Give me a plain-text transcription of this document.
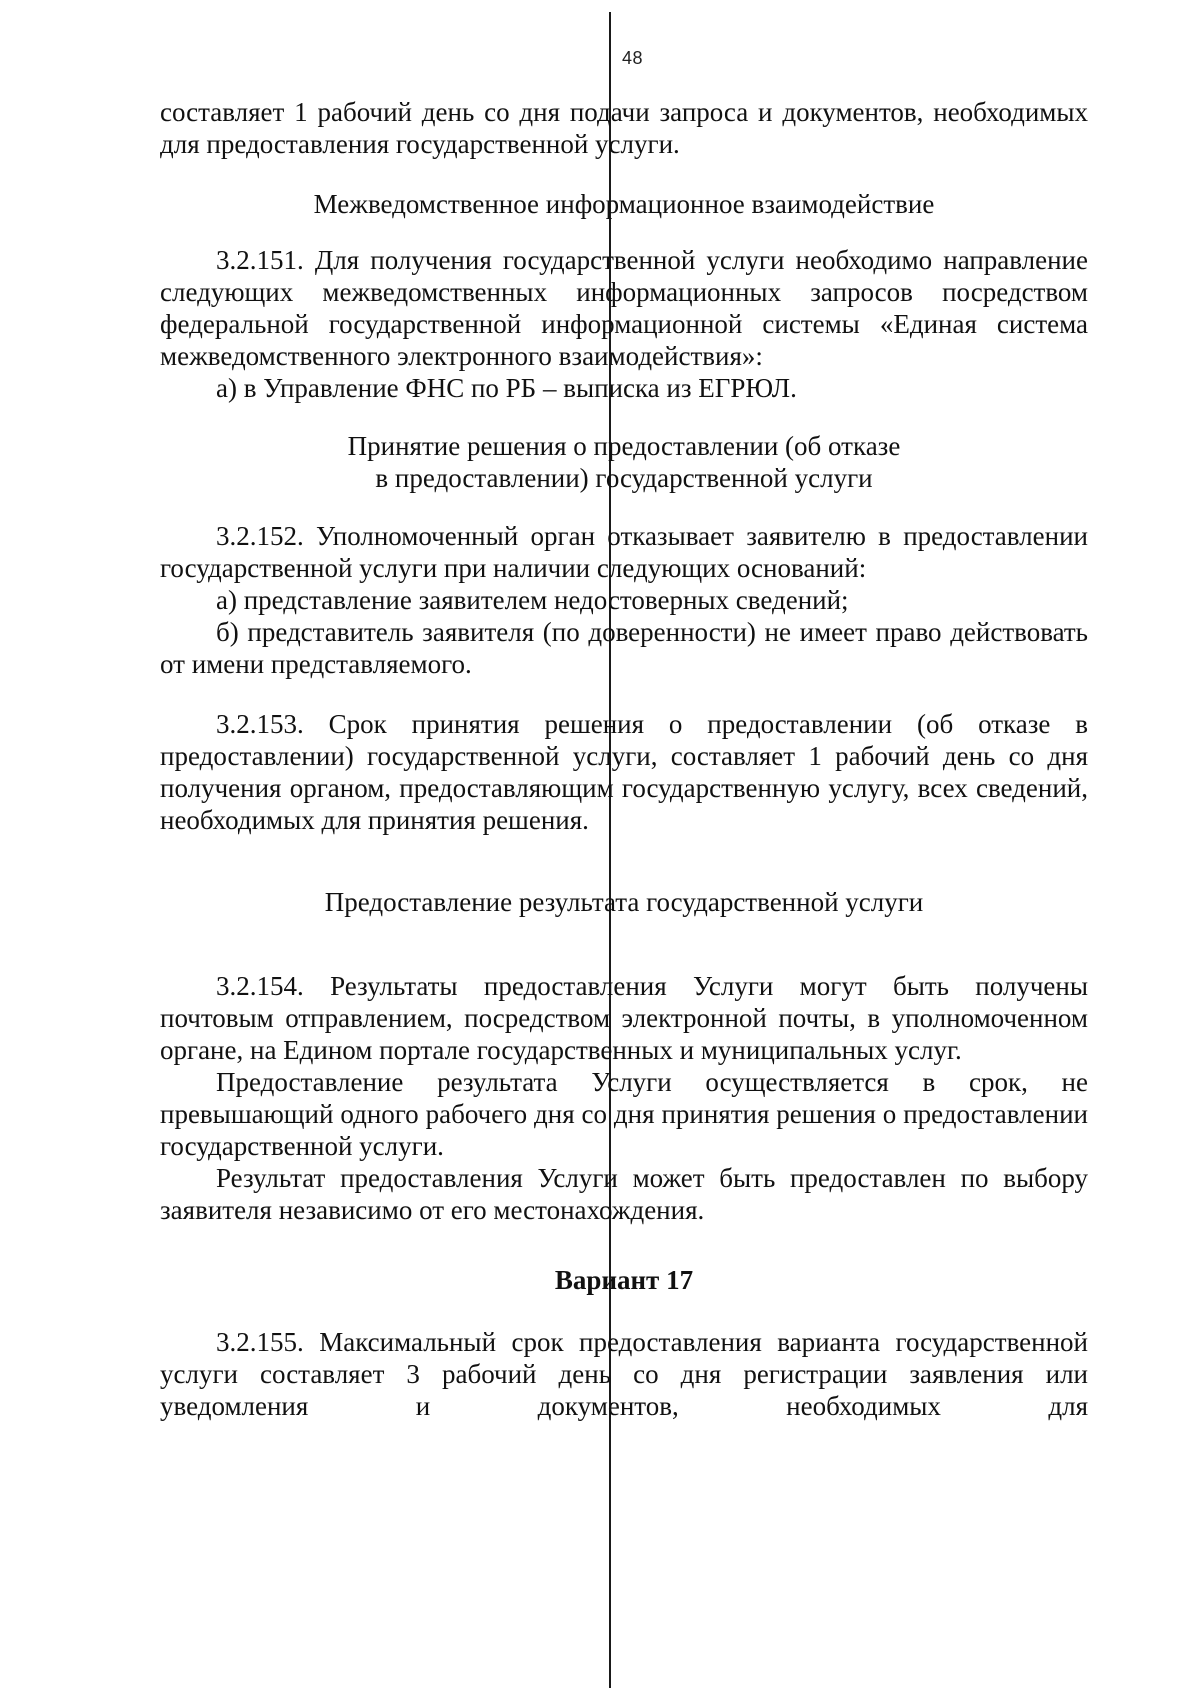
48

составляет 1 рабочий день со дня подачи запроса и документов, необходимых для предоставления государственной услуги.

Межведомственное информационное взаимодействие

3.2.151. Для получения государственной услуги необходимо направление следующих межведомственных информационных запросов посредством федеральной государственной информационной системы «Единая система межведомственного электронного взаимодействия»:

а) в Управление ФНС по РБ – выписка из ЕГРЮЛ.

Принятие решения о предоставлении (об отказе

в предоставлении) государственной услуги

3.2.152. Уполномоченный орган отказывает заявителю в предоставлении государственной услуги при наличии следующих оснований:

а) представление заявителем недостоверных сведений;

б) представитель заявителя (по доверенности) не имеет право действовать от имени представляемого.

3.2.153. Срок принятия решения о предоставлении (об отказе в предоставлении) государственной услуги, составляет 1 рабочий день со дня получения органом, предоставляющим государственную услугу, всех сведений, необходимых для принятия решения.

Предоставление результата государственной услуги

3.2.154. Результаты предоставления Услуги могут быть получены почтовым отправлением, посредством электронной почты, в уполномоченном органе, на Едином портале государственных и муниципальных услуг.

Предоставление результата Услуги осуществляется в срок, не превышающий одного рабочего дня со дня принятия решения о предоставлении государственной услуги.

Результат предоставления Услуги может быть предоставлен по выбору заявителя независимо от его местонахождения.

Вариант 17

3.2.155. Максимальный срок предоставления варианта государственной услуги составляет 3 рабочий день со дня регистрации заявления или уведомления и документов, необходимых для
